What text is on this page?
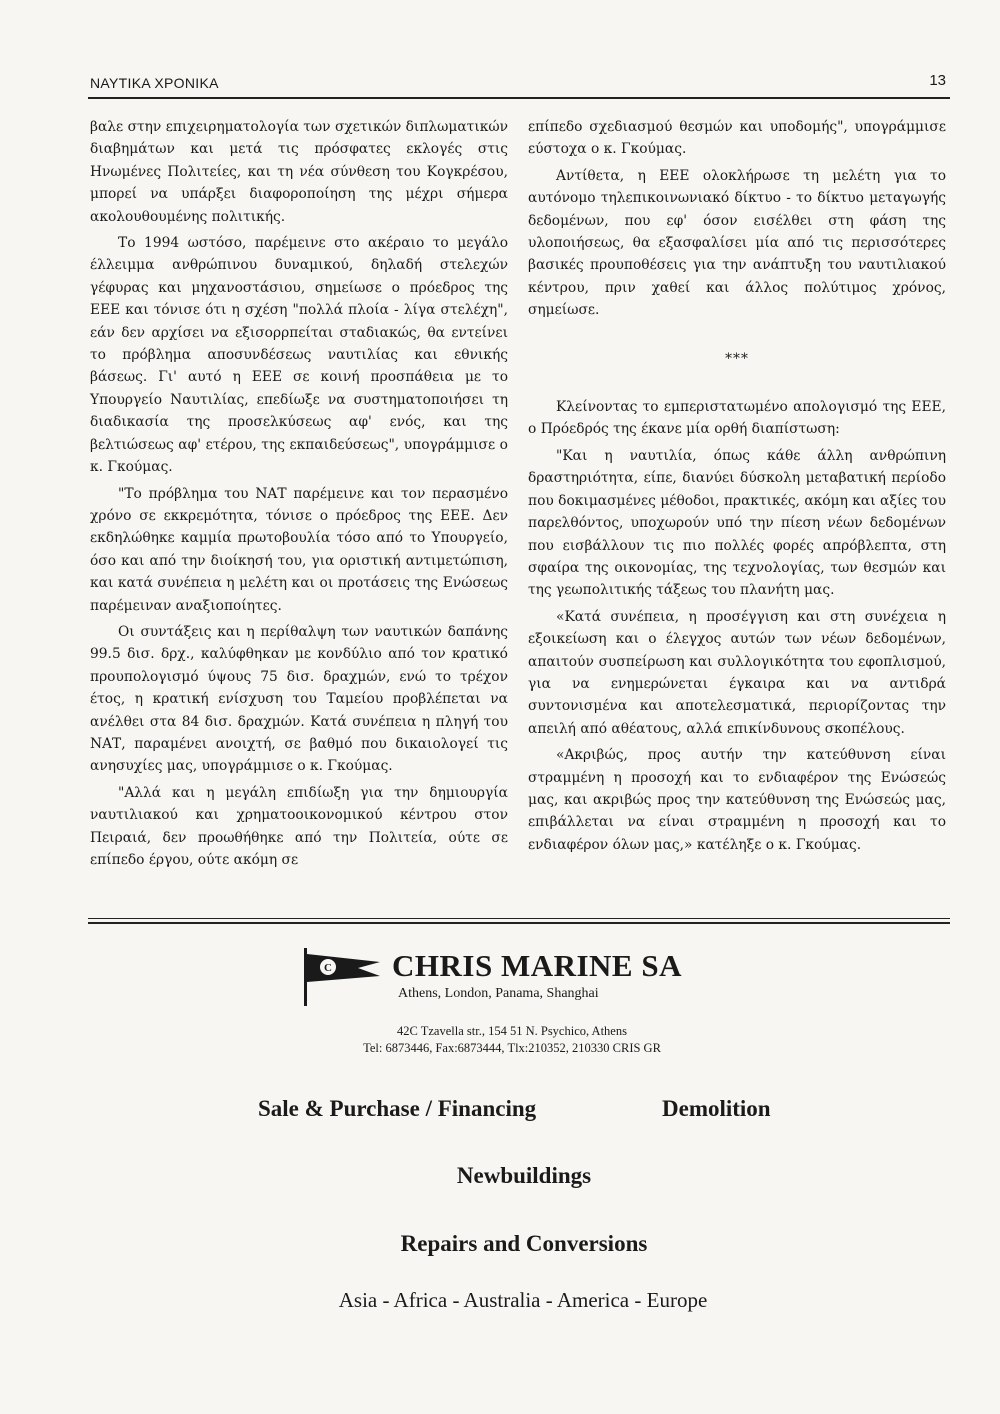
ΝΑΥΤΙΚΑ ΧΡΟΝΙΚΑ	13

βαλε στην επιχειρηματολογία των σχετικών διπλωματικών διαβημάτων και μετά τις πρόσφατες εκλογές στις Ηνωμένες Πολιτείες, και τη νέα σύνθεση του Κογκρέσου, μπορεί να υπάρξει διαφοροποίηση της μέχρι σήμερα ακολουθουμένης πολιτικής.

Το 1994 ωστόσο, παρέμεινε στο ακέραιο το μεγάλο έλλειμμα ανθρώπινου δυναμικού, δηλαδή στελεχών γέφυρας και μηχανοστάσιου, σημείωσε ο πρόεδρος της ΕΕΕ και τόνισε ότι η σχέση "πολλά πλοία - λίγα στελέχη", εάν δεν αρχίσει να εξισορρπείται σταδιακώς, θα εντείνει το πρόβλημα αποσυνδέσεως ναυτιλίας και εθνικής βάσεως. Γι' αυτό η ΕΕΕ σε κοινή προσπάθεια με το Υπουργείο Ναυτιλίας, επεδίωξε να συστηματοποιήσει τη διαδικασία της προσελκύσεως αφ' ενός, και της βελτιώσεως αφ' ετέρου, της εκπαιδεύσεως", υπογράμμισε ο κ. Γκούμας.

"Το πρόβλημα του ΝΑΤ παρέμεινε και τον περασμένο χρόνο σε εκκρεμότητα, τόνισε ο πρόεδρος της ΕΕΕ. Δεν εκδηλώθηκε καμμία πρωτοβουλία τόσο από το Υπουργείο, όσο και από την διοίκησή του, για οριστική αντιμετώπιση, και κατά συνέπεια η μελέτη και οι προτάσεις της Ενώσεως παρέμειναν αναξιοποίητες.

Οι συντάξεις και η περίθαλψη των ναυτικών δαπάνης 99.5 δισ. δρχ., καλύφθηκαν με κονδύλιο από τον κρατικό προυπολογισμό ύψους 75 δισ. δραχμών, ενώ το τρέχον έτος, η κρατική ενίσχυση του Ταμείου προβλέπεται να ανέλθει στα 84 δισ. δραχμών. Κατά συνέπεια η πληγή του ΝΑΤ, παραμένει ανοιχτή, σε βαθμό που δικαιολογεί τις ανησυχίες μας, υπογράμμισε ο κ. Γκούμας.

"Αλλά και η μεγάλη επιδίωξη για την δημιουργία ναυτιλιακού και χρηματοοικονομικού κέντρου στον Πειραιά, δεν προωθήθηκε από την Πολιτεία, ούτε σε επίπεδο έργου, ούτε ακόμη σε

επίπεδο σχεδιασμού θεσμών και υποδομής", υπογράμμισε εύστοχα ο κ. Γκούμας.

Αντίθετα, η ΕΕΕ ολοκλήρωσε τη μελέτη για το αυτόνομο τηλεπικοινωνιακό δίκτυο - το δίκτυο μεταγωγής δεδομένων, που εφ' όσον εισέλθει στη φάση της υλοποιήσεως, θα εξασφαλίσει μία από τις περισσότερες βασικές προυποθέσεις για την ανάπτυξη του ναυτιλιακού κέντρου, πριν χαθεί και άλλος πολύτιμος χρόνος, σημείωσε.

***

Κλείνοντας το εμπεριστατωμένο απολογισμό της ΕΕΕ, ο Πρόεδρός της έκανε μία ορθή διαπίστωση:

"Και η ναυτιλία, όπως κάθε άλλη ανθρώπινη δραστηριότητα, είπε, διανύει δύσκολη μεταβατική περίοδο που δοκιμασμένες μέθοδοι, πρακτικές, ακόμη και αξίες του παρελθόντος, υποχωρούν υπό την πίεση νέων δεδομένων που εισβάλλουν τις πιο πολλές φορές απρόβλεπτα, στη σφαίρα της οικονομίας, της τεχνολογίας, των θεσμών και της γεωπολιτικής τάξεως του πλανήτη μας.

«Κατά συνέπεια, η προσέγγιση και στη συνέχεια η εξοικείωση και ο έλεγχος αυτών των νέων δεδομένων, απαιτούν συσπείρωση και συλλογικότητα του εφοπλισμού, για να ενημερώνεται έγκαιρα και να αντιδρά συντονισμένα και αποτελεσματικά, περιορίζοντας την απειλή από αθέατους, αλλά επικίνδυνους σκοπέλους.

«Ακριβώς, προς αυτήν την κατεύθυνση είναι στραμμένη η προσοχή και το ενδιαφέρον της Ενώσεώς μας, και ακριβώς προς την κατεύθυνση της Ενώσεώς μας, επιβάλλεται να είναι στραμμένη η προσοχή και το ενδιαφέρον όλων μας,» κατέληξε ο κ. Γκούμας.

C CHRIS MARINE SA
Athens, London, Panama, Shanghai
42C Tzavella str., 154 51 N. Psychico, Athens
Tel: 6873446, Fax:6873444, Tlx:210352, 210330 CRIS GR
Sale & Purchase / Financing	Demolition
Newbuildings
Repairs and Conversions
Asia - Africa - Australia - America - Europe
